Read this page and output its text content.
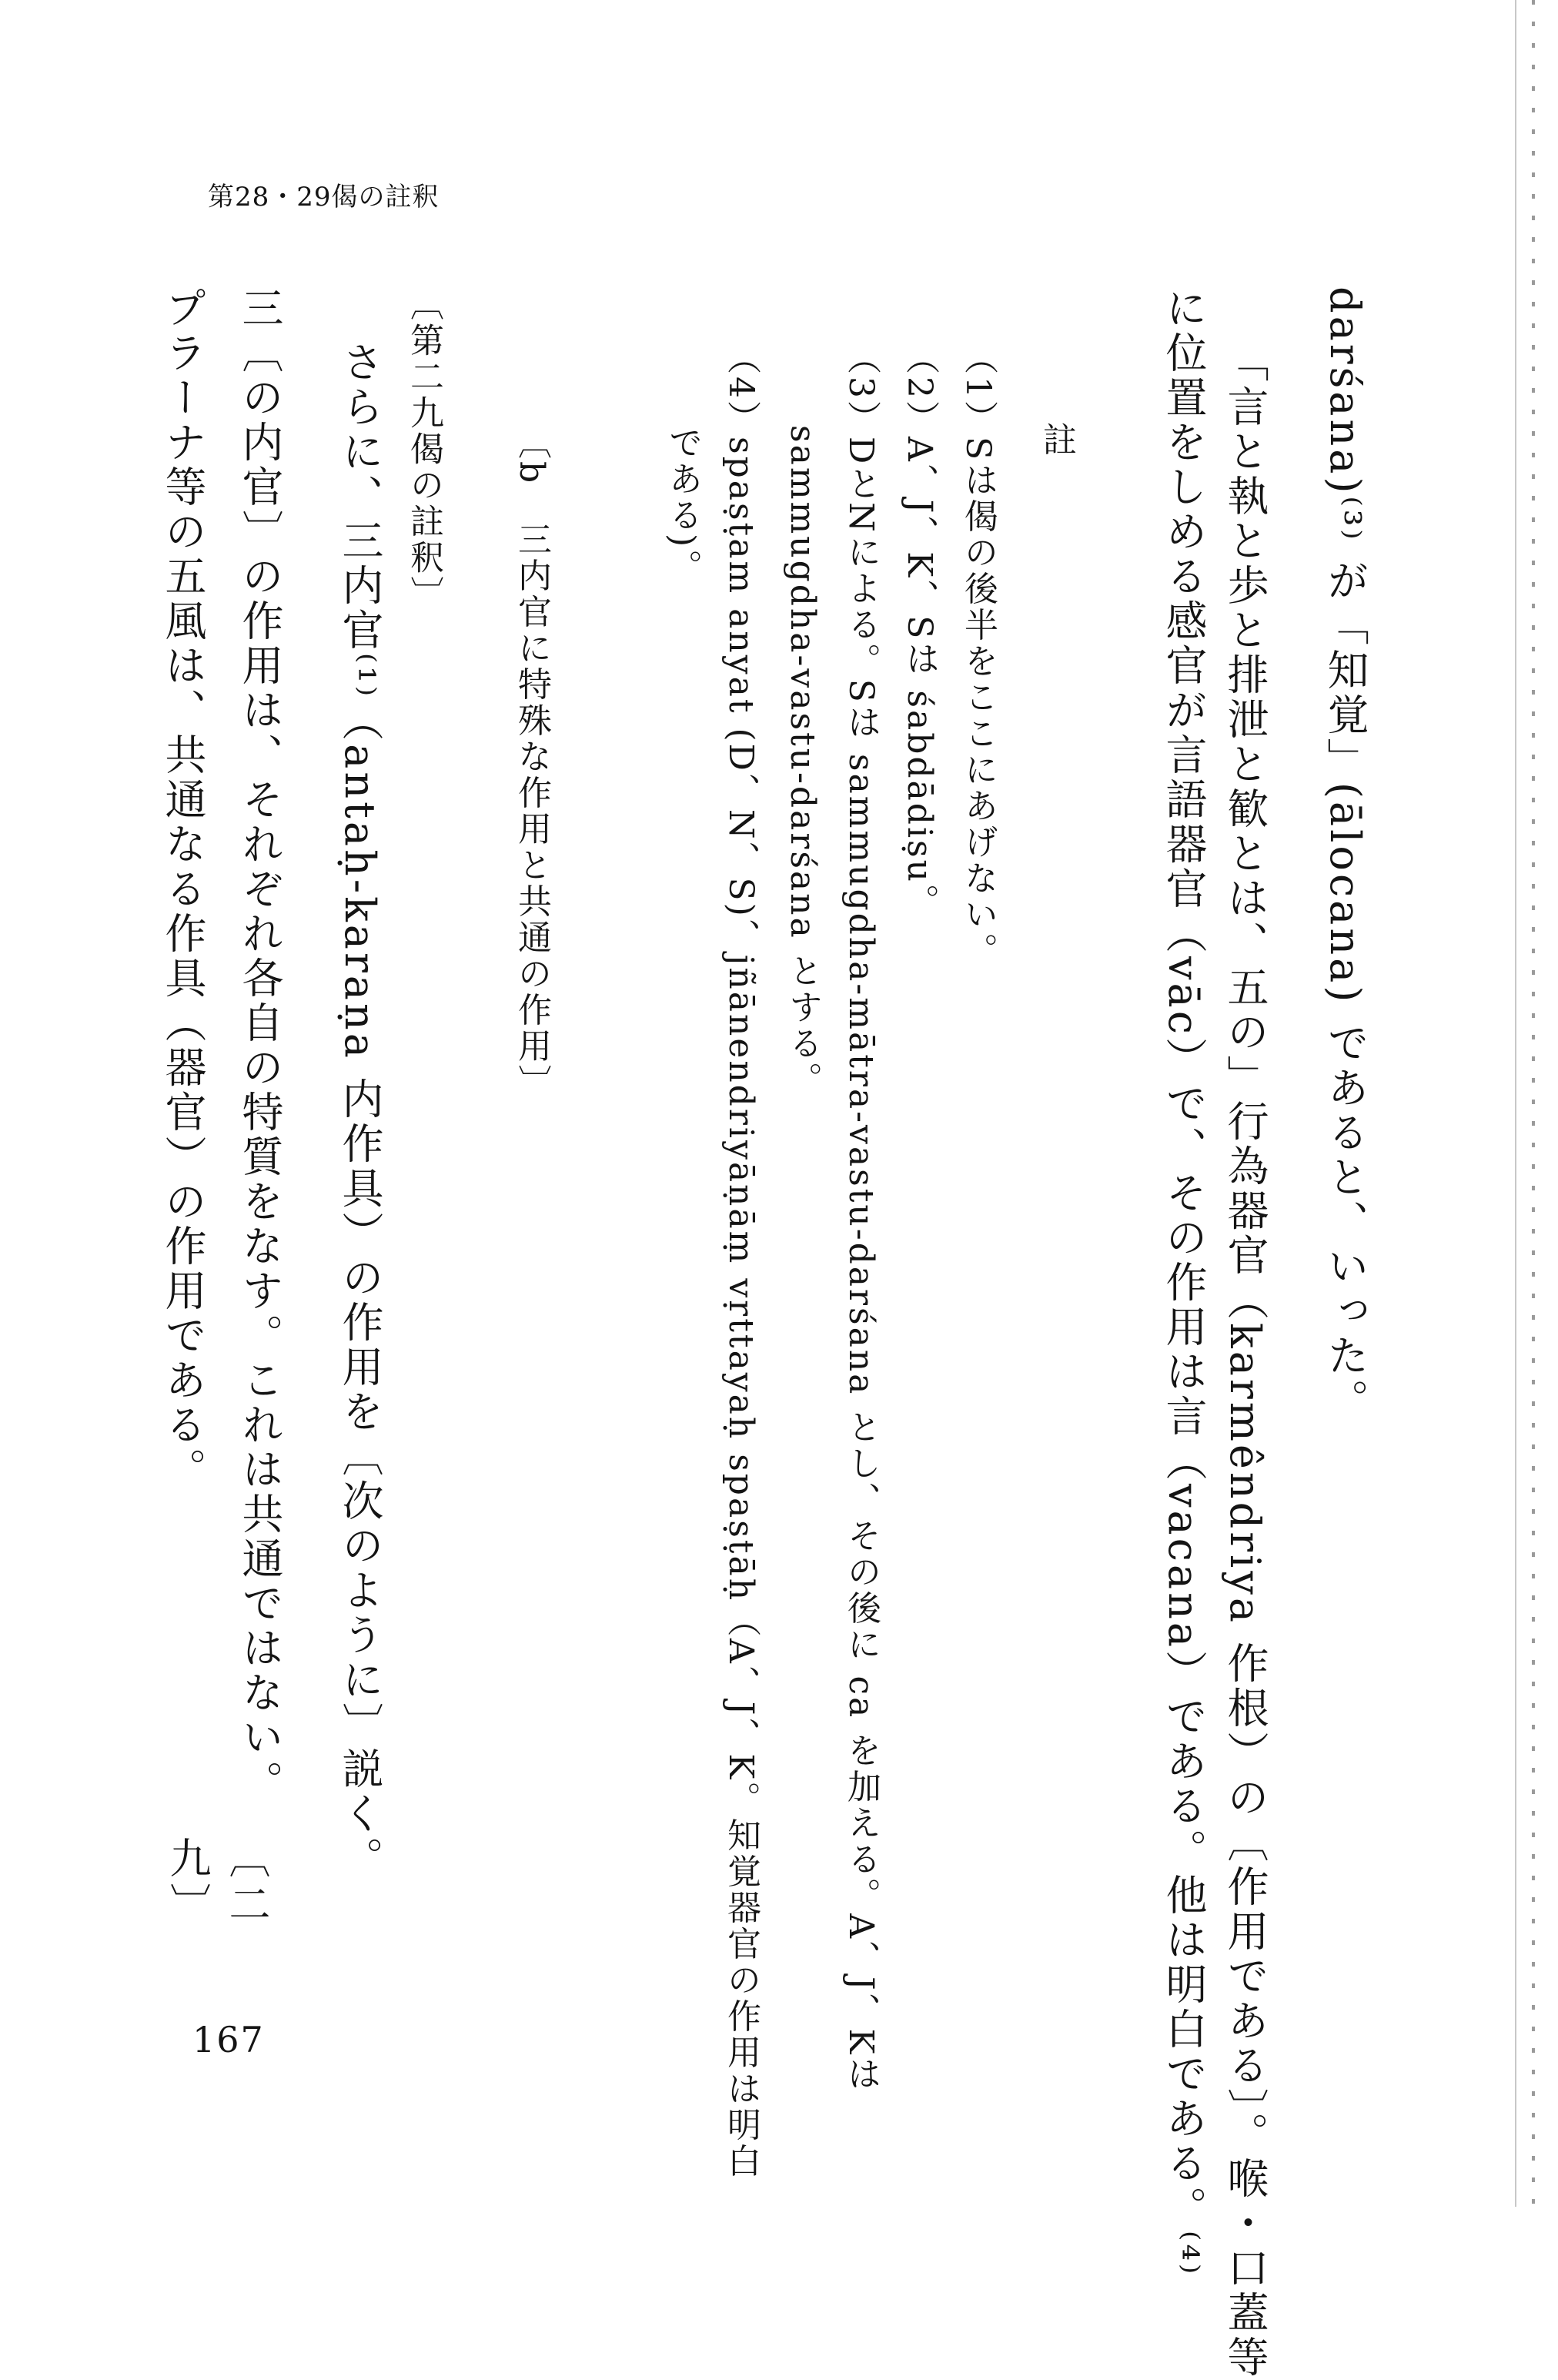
第28・29偈の註釈
darśana)⁽³⁾ が「知覚」(ālocana) であると、いった。
「言と執と歩と排泄と歓とは、五の」行為器官（karmêndriya 作根）の〔作用である〕。喉・口蓋等
に位置をしめる感官が言語器官（vāc）で、その作用は言（vacana）である。他は明白である。⁽⁴⁾
註
（1）Sは偈の後半をここにあげない。
（2）A、J、K、Sは śabdādiṣu。
（3）DとNによる。Sは sammugdha-mātra-vastu-darśana とし、その後に ca を加える。A、J、Kは
sammugdha-vastu-darśana とする。
（4）spaṣṭam anyat (D、N、S)、jñānendriyāṇāṃ vṛttayaḥ spaṣṭāḥ（A、J、K。知覚器官の作用は明白
である)。
〔b　三内官に特殊な作用と共通の作用〕
〔第二九偈の註釈〕
さらに、三内官⁽¹⁾（antaḥ-karaṇa 内作具）の作用を〔次のように〕説く。
三〔の内官〕の作用は、それぞれ各自の特質をなす。これは共通ではない。
プラーナ等の五風は、共通なる作具（器官）の作用である。
〔二九〕
167
